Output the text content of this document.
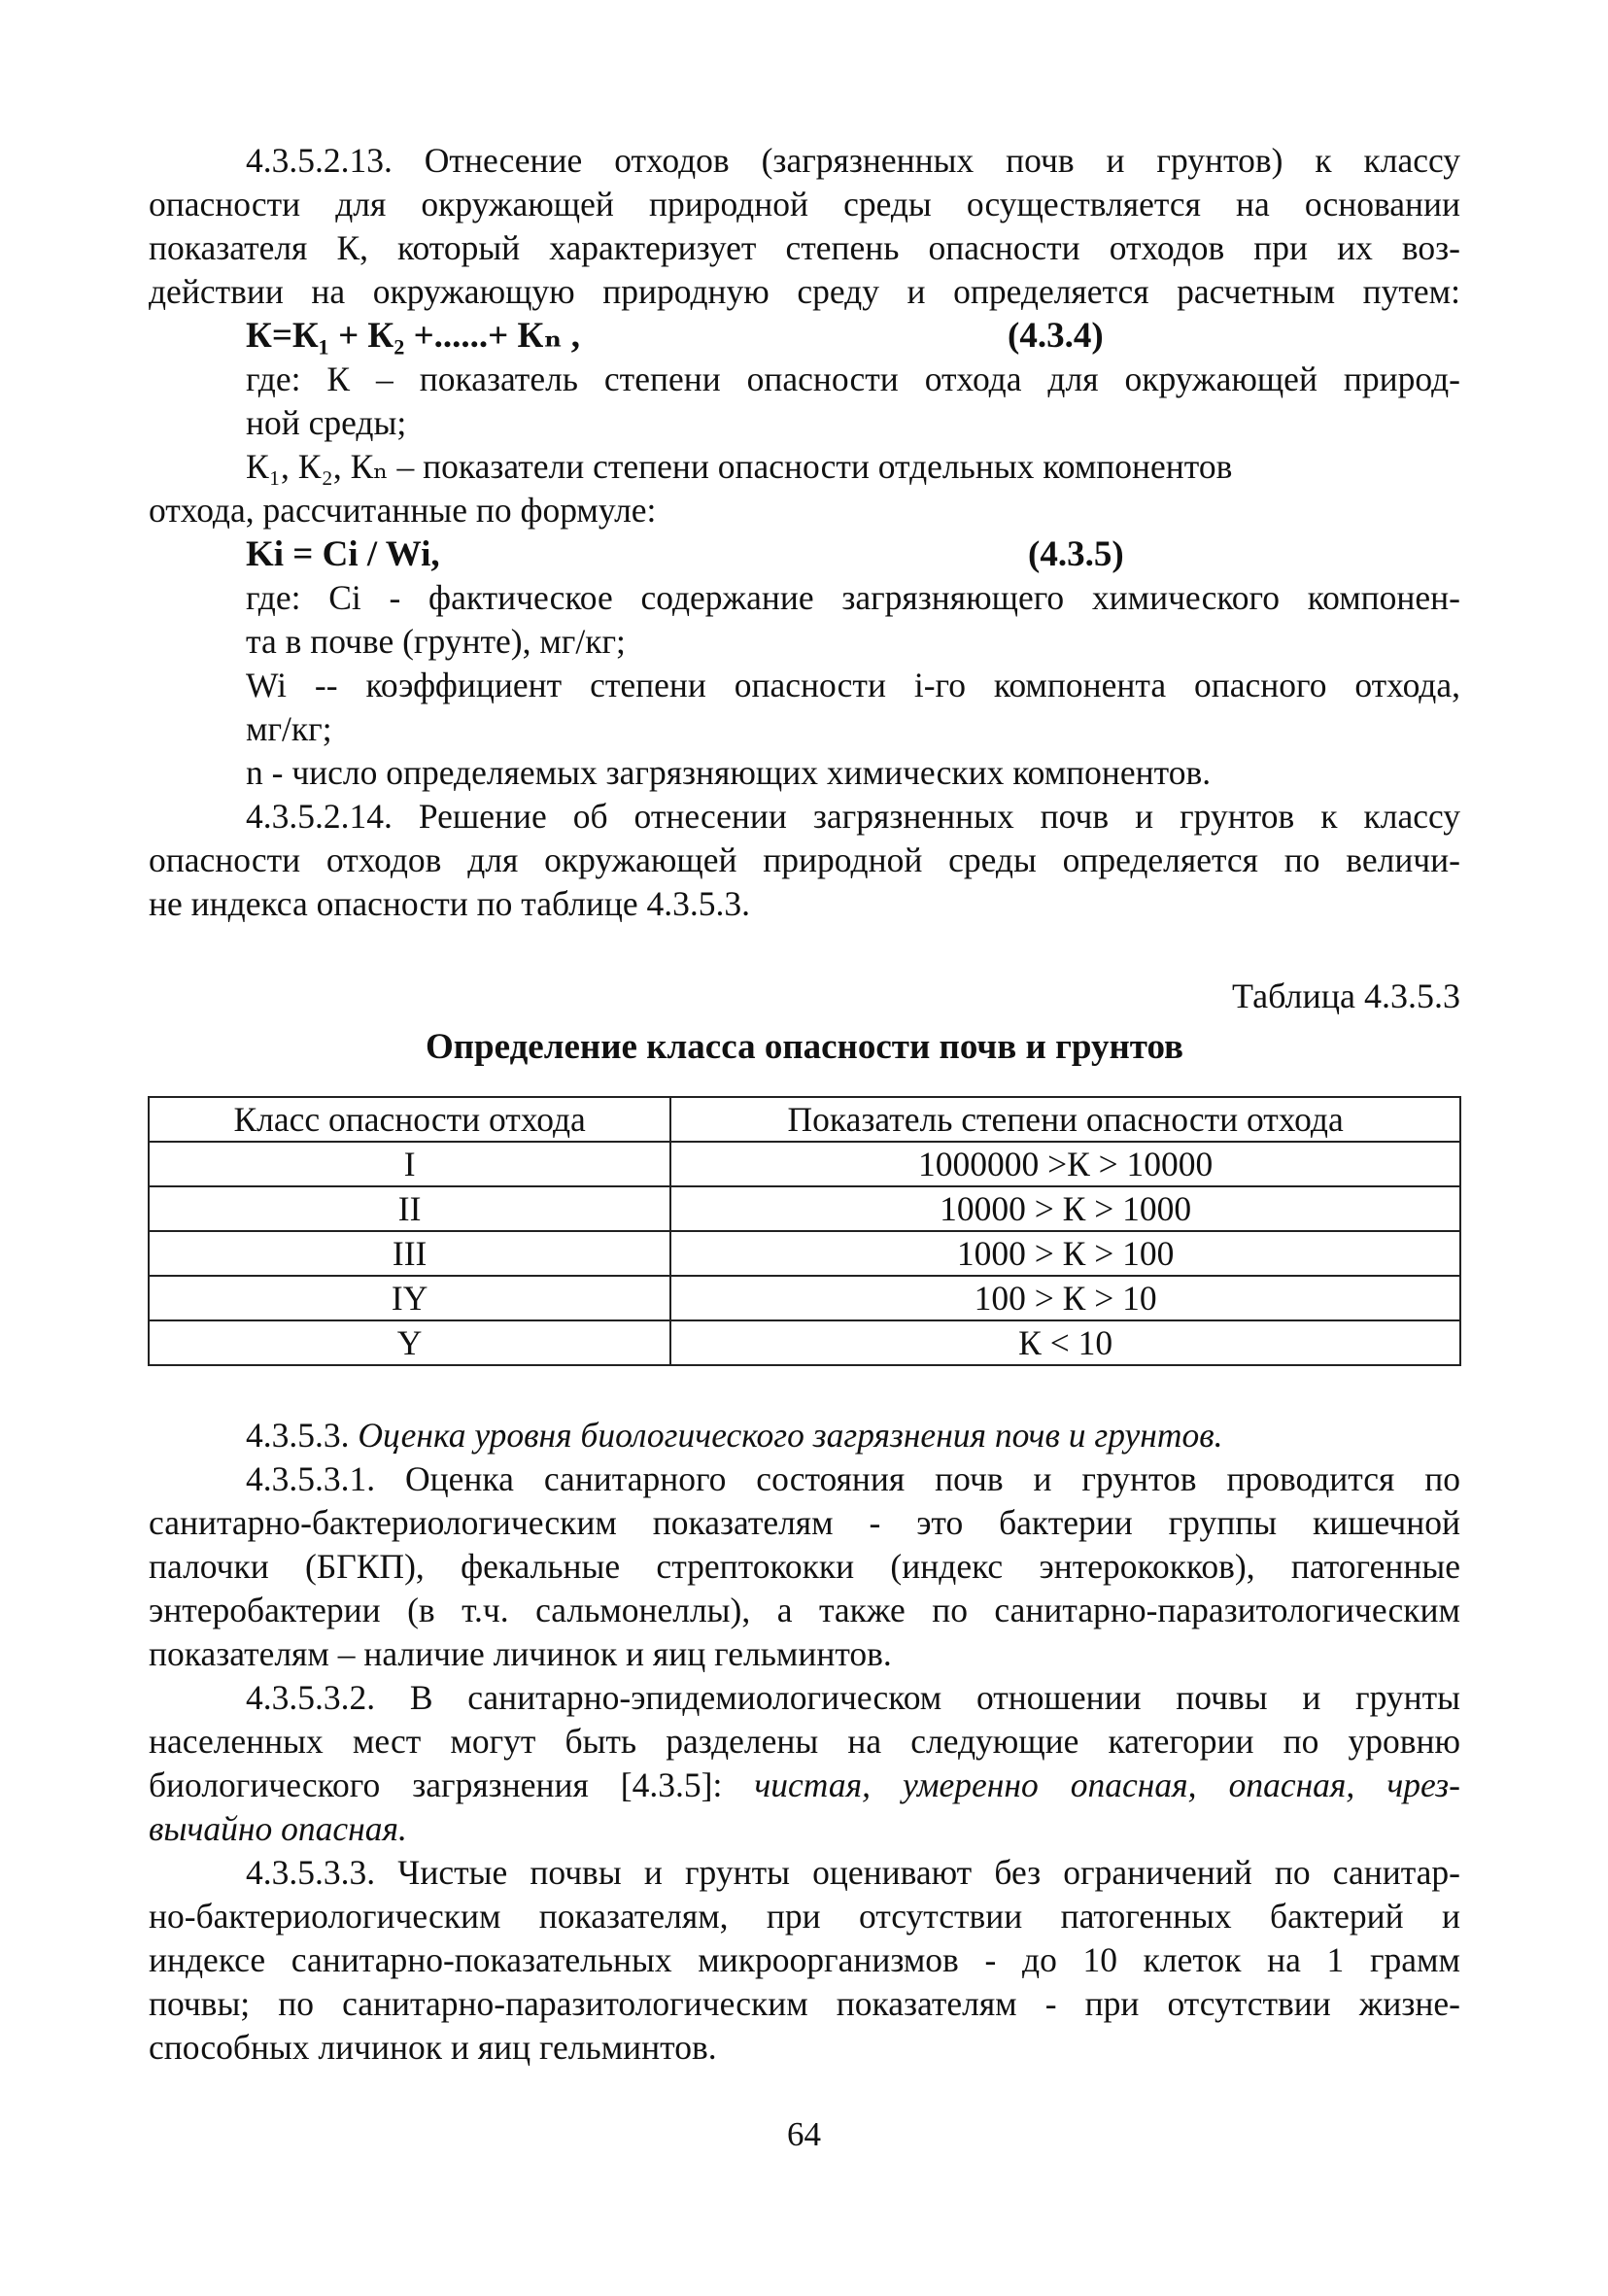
4.3.5.2.13. Отнесение отходов (загрязненных почв и грунтов) к классу

опасности для окружающей природной среды осуществляется на основании

показателя К, который характеризует степень опасности отходов при их воз-

действии на окружающую природную среду и определяется расчетным путем:

К=К₁ + К₂ +......+ Кₙ ,	(4.3.4)

где: К – показатель степени опасности отхода для окружающей природ-

ной среды;

К₁, К₂, Кₙ – показатели степени опасности отдельных компонентов

отхода, рассчитанные по формуле:

Ki = Ci / Wi,	(4.3.5)

где: Ci - фактическое содержание загрязняющего химического компонен-

та в почве (грунте), мг/кг;

Wi -- коэффициент степени опасности i-го компонента опасного отхода,

мг/кг;

n - число определяемых загрязняющих химических компонентов.

4.3.5.2.14. Решение об отнесении загрязненных почв и грунтов к классу

опасности отходов для окружающей природной среды определяется по величи-

не индекса опасности по таблице 4.3.5.3.

Таблица 4.3.5.3
Определение класса опасности почв и грунтов
Класс опасности отхода	Показатель степени опасности отхода
I	1000000 >К > 10000
II	10000 > К > 1000
III	1000 > К > 100
IY	100 > К > 10
Y	К < 10

4.3.5.3. Оценка уровня биологического загрязнения почв и грунтов.

4.3.5.3.1. Оценка санитарного состояния почв и грунтов проводится по

санитарно-бактериологическим показателям - это бактерии группы кишечной

палочки (БГКП), фекальные стрептококки (индекс энтерококков), патогенные

энтеробактерии (в т.ч. сальмонеллы), а также по санитарно-паразитологическим

показателям – наличие личинок и яиц гельминтов.

4.3.5.3.2. В санитарно-эпидемиологическом отношении почвы и грунты

населенных мест могут быть разделены на следующие категории по уровню

биологического загрязнения [4.3.5]: чистая, умеренно опасная, опасная, чрез-

вычайно опасная.

4.3.5.3.3. Чистые почвы и грунты оценивают без ограничений по санитар-

но-бактериологическим показателям, при отсутствии патогенных бактерий и

индексе санитарно-показательных микроорганизмов - до 10 клеток на 1 грамм

почвы; по санитарно-паразитологическим показателям - при отсутствии жизне-

способных личинок и яиц гельминтов.

64
